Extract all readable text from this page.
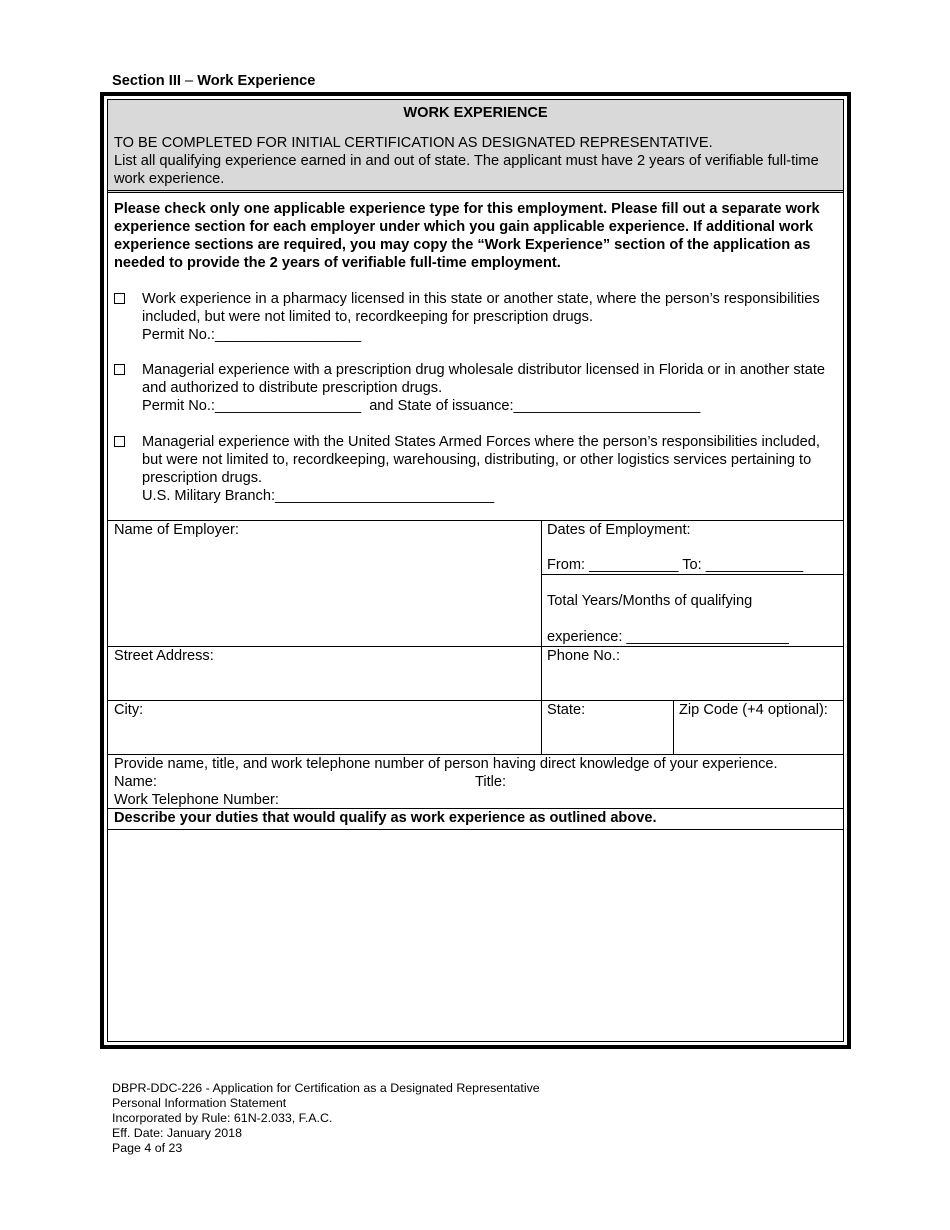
Section III – Work Experience
WORK EXPERIENCE
TO BE COMPLETED FOR INITIAL CERTIFICATION AS DESIGNATED REPRESENTATIVE.
List all qualifying experience earned in and out of state. The applicant must have 2 years of verifiable full-time work experience.
Please check only one applicable experience type for this employment. Please fill out a separate work experience section for each employer under which you gain applicable experience. If additional work experience sections are required, you may copy the “Work Experience” section of the application as needed to provide the 2 years of verifiable full-time employment.
Work experience in a pharmacy licensed in this state or another state, where the person’s responsibilities included, but were not limited to, recordkeeping for prescription drugs.
Permit No.:__________________
Managerial experience with a prescription drug wholesale distributor licensed in Florida or in another state and authorized to distribute prescription drugs.
Permit No.:__________________ and State of issuance:_______________________
Managerial experience with the United States Armed Forces where the person’s responsibilities included, but were not limited to, recordkeeping, warehousing, distributing, or other logistics services pertaining to prescription drugs.
U.S. Military Branch:___________________________
Name of Employer:	Dates of Employment:
From: ___________ To: ____________
Total Years/Months of qualifying
experience: ____________________
Street Address:	Phone No.:
City:	State:	Zip Code (+4 optional):
Provide name, title, and work telephone number of person having direct knowledge of your experience.
Name:	Title:
Work Telephone Number:
Describe your duties that would qualify as work experience as outlined above.
DBPR-DDC-226 - Application for Certification as a Designated Representative
Personal Information Statement
Incorporated by Rule: 61N-2.033, F.A.C.
Eff. Date: January 2018
Page 4 of 23
